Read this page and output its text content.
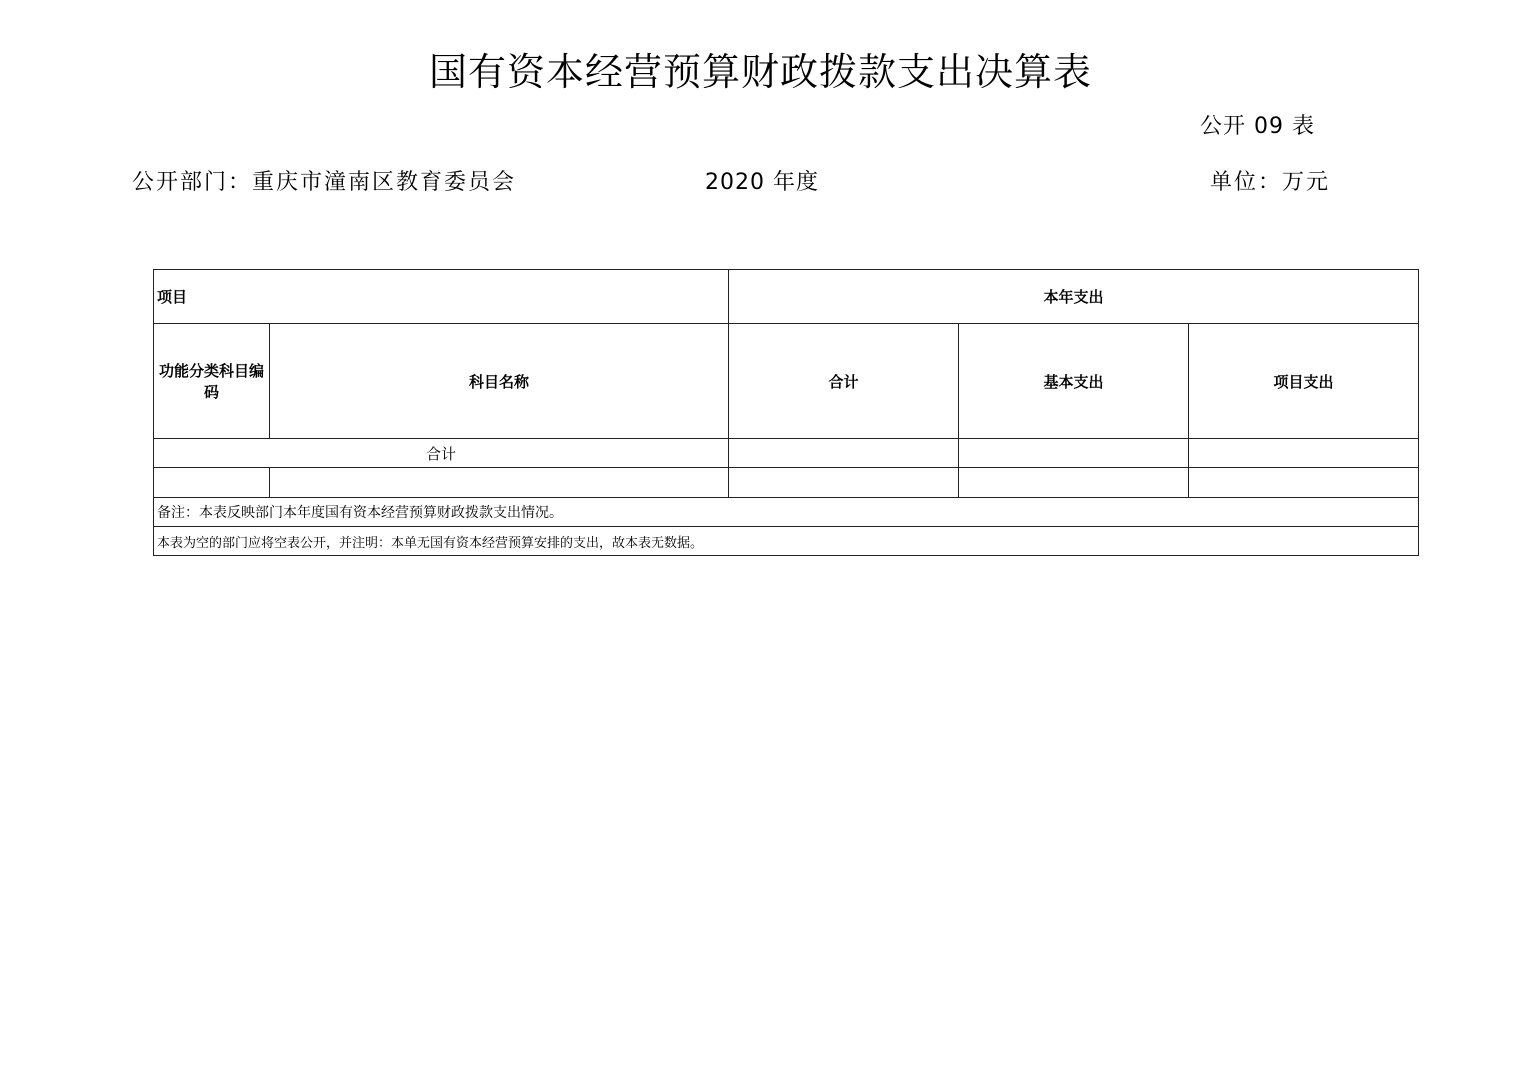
国有资本经营预算财政拨款支出决算表
公开 09 表
公开部门：重庆市潼南区教育委员会	2020 年度	单位：万元
项目		本年支出		
功能分类科目编码	科目名称	合计	基本支出	项目支出
合计				

备注：本表反映部门本年度国有资本经营预算财政拨款支出情况。				
本表为空的部门应将空表公开，并注明：本单无国有资本经营预算安排的支出，故本表无数据。				
